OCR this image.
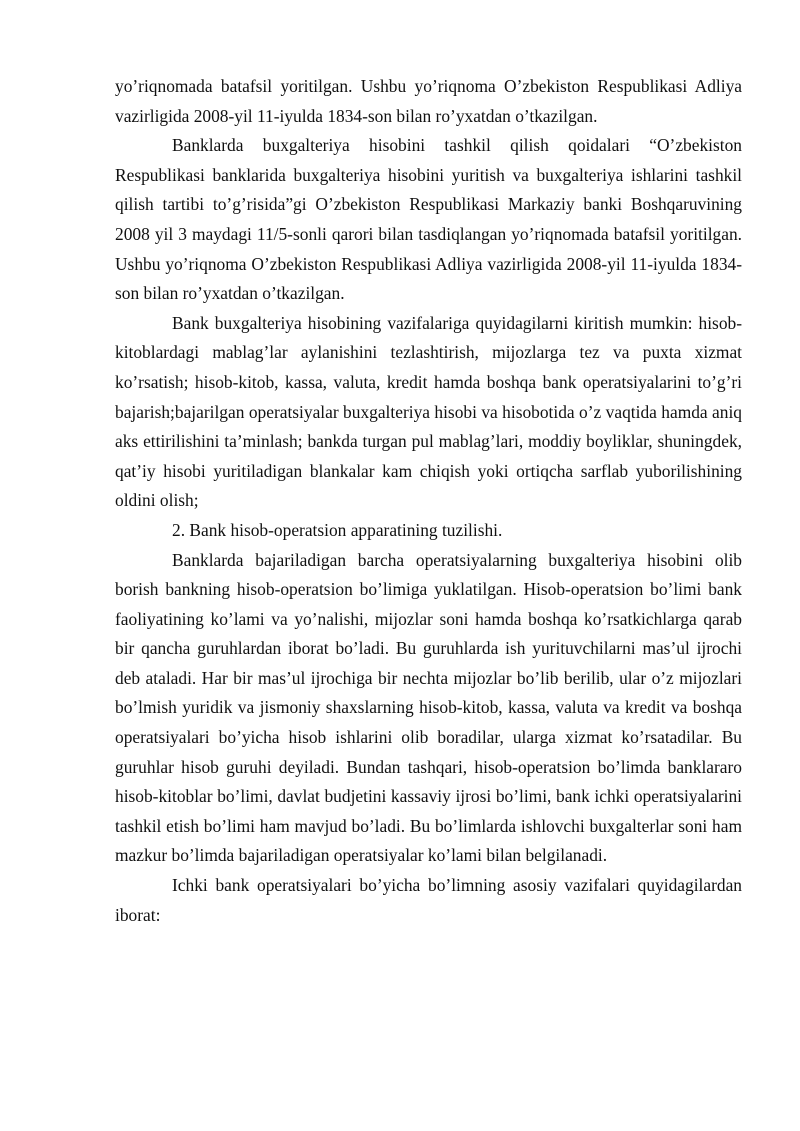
yo’riqnomada batafsil yoritilgan. Ushbu yo’riqnoma O’zbekiston Respublikasi Adliya vazirligida 2008-yil 11-iyulda 1834-son bilan ro’yxatdan o’tkazilgan.

Banklarda buxgalteriya hisobini tashkil qilish qoidalari “O’zbekiston Respublikasi banklarida buxgalteriya hisobini yuritish va buxgalteriya ishlarini tashkil qilish tartibi to’g’risida”gi O’zbekiston Respublikasi Markaziy banki Boshqaruvining 2008 yil 3 maydagi 11/5-sonli qarori bilan tasdiqlangan yo’riqnomada batafsil yoritilgan. Ushbu yo’riqnoma O’zbekiston Respublikasi Adliya vazirligida 2008-yil 11-iyulda 1834-son bilan ro’yxatdan o’tkazilgan.

Bank buxgalteriya hisobining vazifalariga quyidagilarni kiritish mumkin: hisob-kitoblardagi mablag’lar aylanishini tezlashtirish, mijozlarga tez va puxta xizmat ko’rsatish; hisob-kitob, kassa, valuta, kredit hamda boshqa bank operatsiyalarini to’g’ri bajarish;bajarilgan operatsiyalar buxgalteriya hisobi va hisobotida o’z vaqtida hamda aniq aks ettirilishini ta’minlash; bankda turgan pul mablag’lari, moddiy boyliklar, shuningdek, qat’iy hisobi yuritiladigan blankalar kam chiqish yoki ortiqcha sarflab yuborilishining oldini olish;

2. Bank hisob-operatsion apparatining tuzilishi.

Banklarda bajariladigan barcha operatsiyalarning buxgalteriya hisobini olib borish bankning hisob-operatsion bo’limiga yuklatilgan. Hisob-operatsion bo’limi bank faoliyatining ko’lami va yo’nalishi, mijozlar soni hamda boshqa ko’rsatkichlarga qarab bir qancha guruhlardan iborat bo’ladi. Bu guruhlarda ish yurituvchilarni mas’ul ijrochi deb ataladi. Har bir mas’ul ijrochiga bir nechta mijozlar bo’lib berilib, ular o’z mijozlari bo’lmish yuridik va jismoniy shaxslarning hisob-kitob, kassa, valuta va kredit va boshqa operatsiyalari bo’yicha hisob ishlarini olib boradilar, ularga xizmat ko’rsatadilar. Bu guruhlar hisob guruhi deyiladi. Bundan tashqari, hisob-operatsion bo’limda banklararo hisob-kitoblar bo’limi, davlat budjetini kassaviy ijrosi bo’limi, bank ichki operatsiyalarini tashkil etish bo’limi ham mavjud bo’ladi. Bu bo’limlarda ishlovchi buxgalterlar soni ham mazkur bo’limda bajariladigan operatsiyalar ko’lami bilan belgilanadi.

Ichki bank operatsiyalari bo’yicha bo’limning asosiy vazifalari quyidagilardan iborat:
